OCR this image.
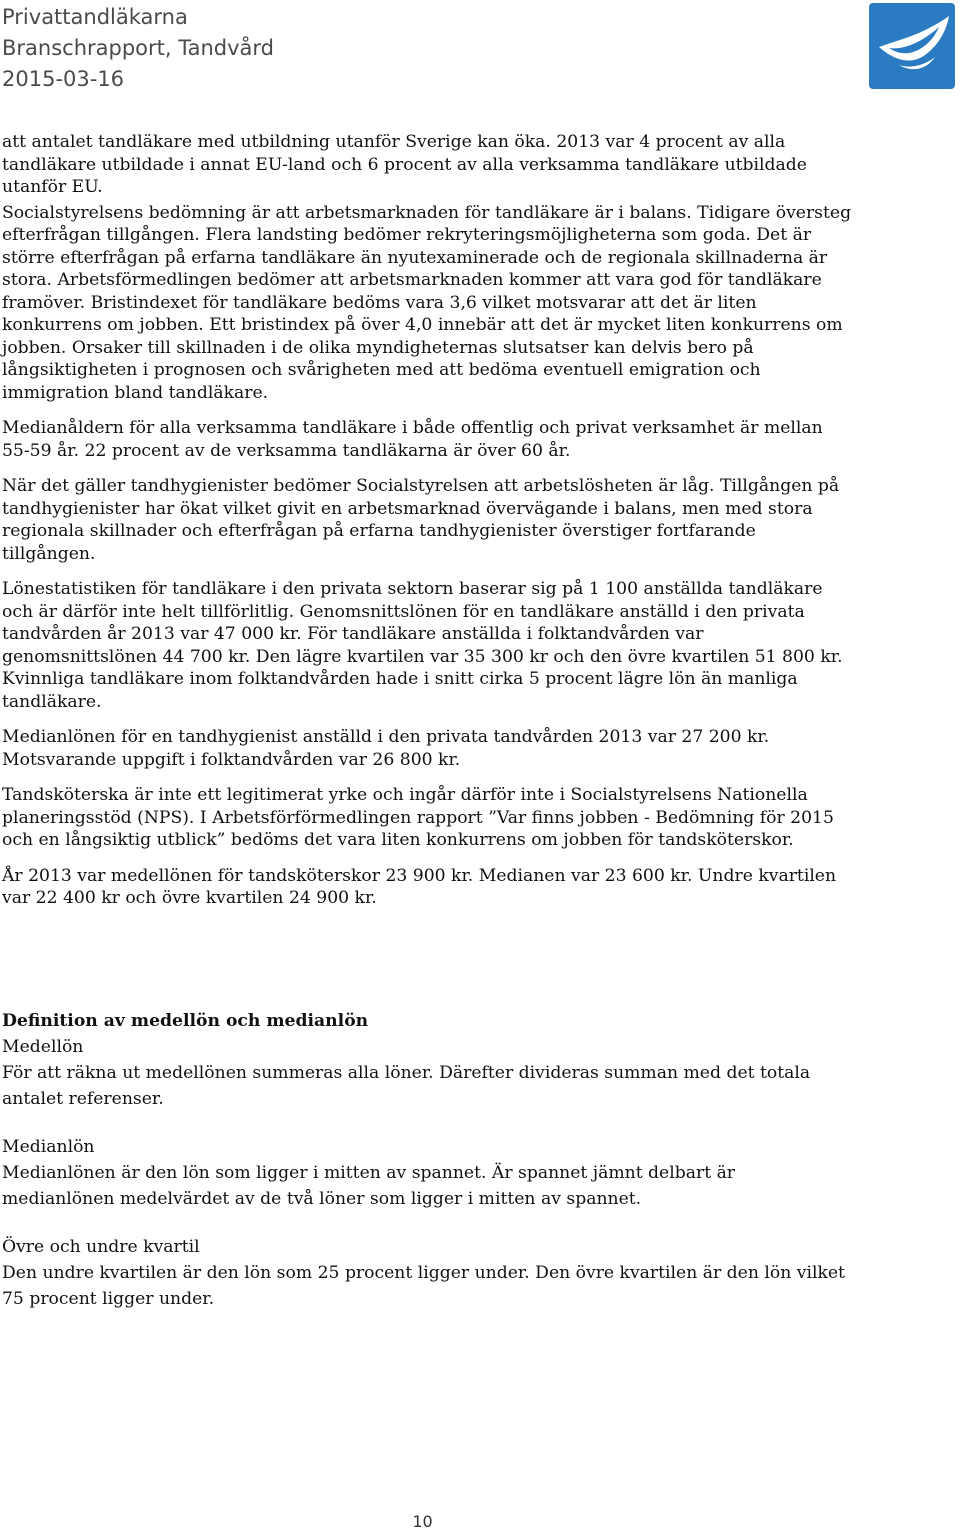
Privattandläkarna
Branschrapport, Tandvård
2015-03-16

att antalet tandläkare med utbildning utanför Sverige kan öka. 2013 var 4 procent av alla tandläkare utbildade i annat EU-land och 6 procent av alla verksamma tandläkare utbildade utanför EU.

Socialstyrelsens bedömning är att arbetsmarknaden för tandläkare är i balans. Tidigare översteg efterfrågan tillgången. Flera landsting bedömer rekryteringsmöjligheterna som goda. Det är större efterfrågan på erfarna tandläkare än nyutexaminerade och de regionala skillnaderna är stora. Arbetsförmedlingen bedömer att arbetsmarknaden kommer att vara god för tandläkare framöver. Bristindexet för tandläkare bedöms vara 3,6 vilket motsvarar att det är liten konkurrens om jobben. Ett bristindex på över 4,0 innebär att det är mycket liten konkurrens om jobben. Orsaker till skillnaden i de olika myndigheternas slutsatser kan delvis bero på långsiktigheten i prognosen och svårigheten med att bedöma eventuell emigration och immigration bland tandläkare.

Medianåldern för alla verksamma tandläkare i både offentlig och privat verksamhet är mellan 55-59 år. 22 procent av de verksamma tandläkarna är över 60 år.

När det gäller tandhygienister bedömer Socialstyrelsen att arbetslösheten är låg. Tillgången på tandhygienister har ökat vilket givit en arbetsmarknad övervägande i balans, men med stora regionala skillnader och efterfrågan på erfarna tandhygienister överstiger fortfarande tillgången.

Lönestatistiken för tandläkare i den privata sektorn baserar sig på 1 100 anställda tandläkare och är därför inte helt tillförlitlig. Genomsnittslönen för en tandläkare anställd i den privata tandvården år 2013 var 47 000 kr. För tandläkare anställda i folktandvården var genomsnittslönen 44 700 kr. Den lägre kvartilen var 35 300 kr och den övre kvartilen 51 800 kr. Kvinnliga tandläkare inom folktandvården hade i snitt cirka 5 procent lägre lön än manliga tandläkare.

Medianlönen för en tandhygienist anställd i den privata tandvården 2013 var 27 200 kr. Motsvarande uppgift i folktandvården var 26 800 kr.

Tandsköterska är inte ett legitimerat yrke och ingår därför inte i Socialstyrelsens Nationella planeringsstöd (NPS). I Arbetsförförmedlingen rapport ”Var finns jobben - Bedömning för 2015 och en långsiktig utblick” bedöms det vara liten konkurrens om jobben för tandsköterskor.

År 2013 var medellönen för tandsköterskor 23 900 kr. Medianen var 23 600 kr. Undre kvartilen var 22 400 kr och övre kvartilen 24 900 kr.

Definition av medellön och medianlön
Medellön
För att räkna ut medellönen summeras alla löner. Därefter divideras summan med det totala antalet referenser.
Medianlön
Medianlönen är den lön som ligger i mitten av spannet. Är spannet jämnt delbart är medianlönen medelvärdet av de två löner som ligger i mitten av spannet.
Övre och undre kvartil
Den undre kvartilen är den lön som 25 procent ligger under. Den övre kvartilen är den lön vilket 75 procent ligger under.
10
